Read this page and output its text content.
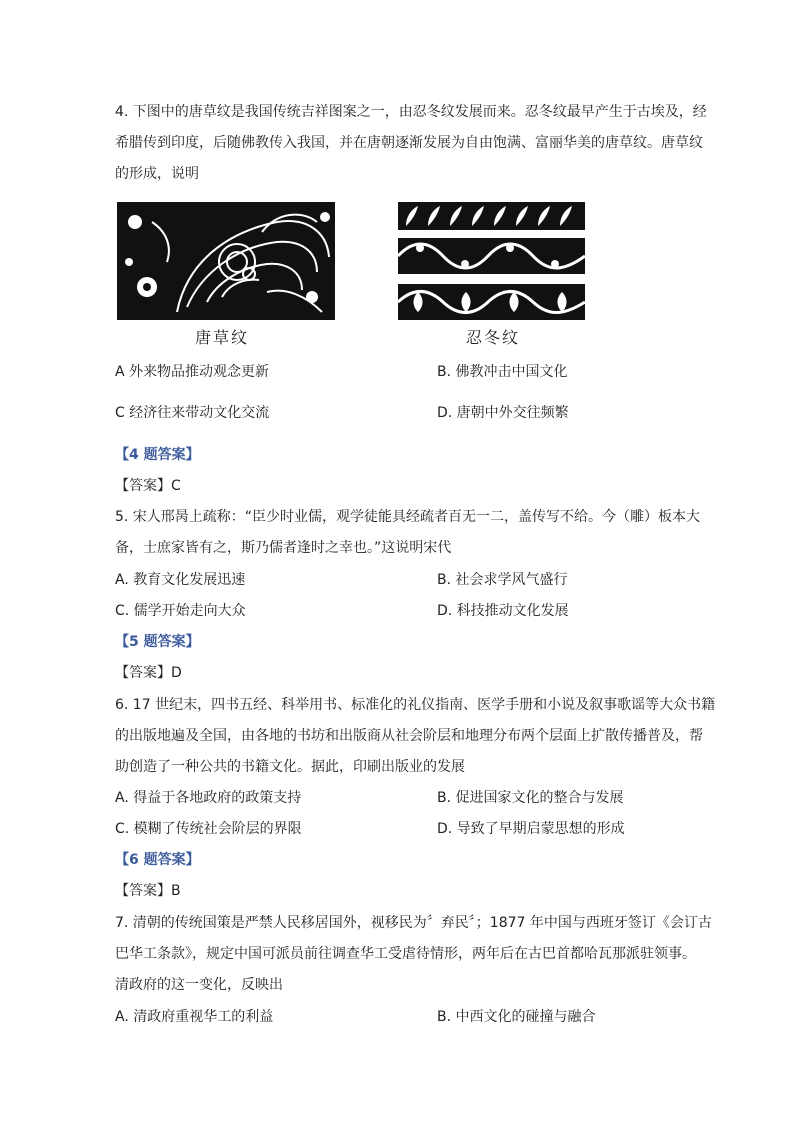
4. 下图中的唐草纹是我国传统吉祥图案之一，由忍冬纹发展而来。忍冬纹最早产生于古埃及，经
希腊传到印度，后随佛教传入我国，并在唐朝逐渐发展为自由饱满、富丽华美的唐草纹。唐草纹
的形成，说明
唐草纹	忍冬纹
A 外来物品推动观念更新	B. 佛教冲击中国文化
C 经济往来带动文化交流	D. 唐朝中外交往频繁
【4 题答案】
【答案】C
5. 宋人邢昺上疏称：“臣少时业儒，观学徒能具经疏者百无一二，盖传写不给。今（雕）板本大
备，士庶家皆有之，斯乃儒者逢时之幸也。”这说明宋代
A. 教育文化发展迅速	B. 社会求学风气盛行
C. 儒学开始走向大众	D. 科技推动文化发展
【5 题答案】
【答案】D
6. 17 世纪末，四书五经、科举用书、标准化的礼仪指南、医学手册和小说及叙事歌谣等大众书籍
的出版地遍及全国，由各地的书坊和出版商从社会阶层和地理分布两个层面上扩散传播普及，帮
助创造了一种公共的书籍文化。据此，印刷出版业的发展
A. 得益于各地政府的政策支持	B. 促进国家文化的整合与发展
C. 模糊了传统社会阶层的界限	D. 导致了早期启蒙思想的形成
【6 题答案】
【答案】B
7. 清朝的传统国策是严禁人民移居国外，视移民为〞弃民〞；1877 年中国与西班牙签订《会订古
巴华工条款》，规定中国可派员前往调查华工受虐待情形，两年后在古巴首都哈瓦那派驻领事。
清政府的这一变化，反映出
A. 清政府重视华工的利益	B. 中西文化的碰撞与融合
